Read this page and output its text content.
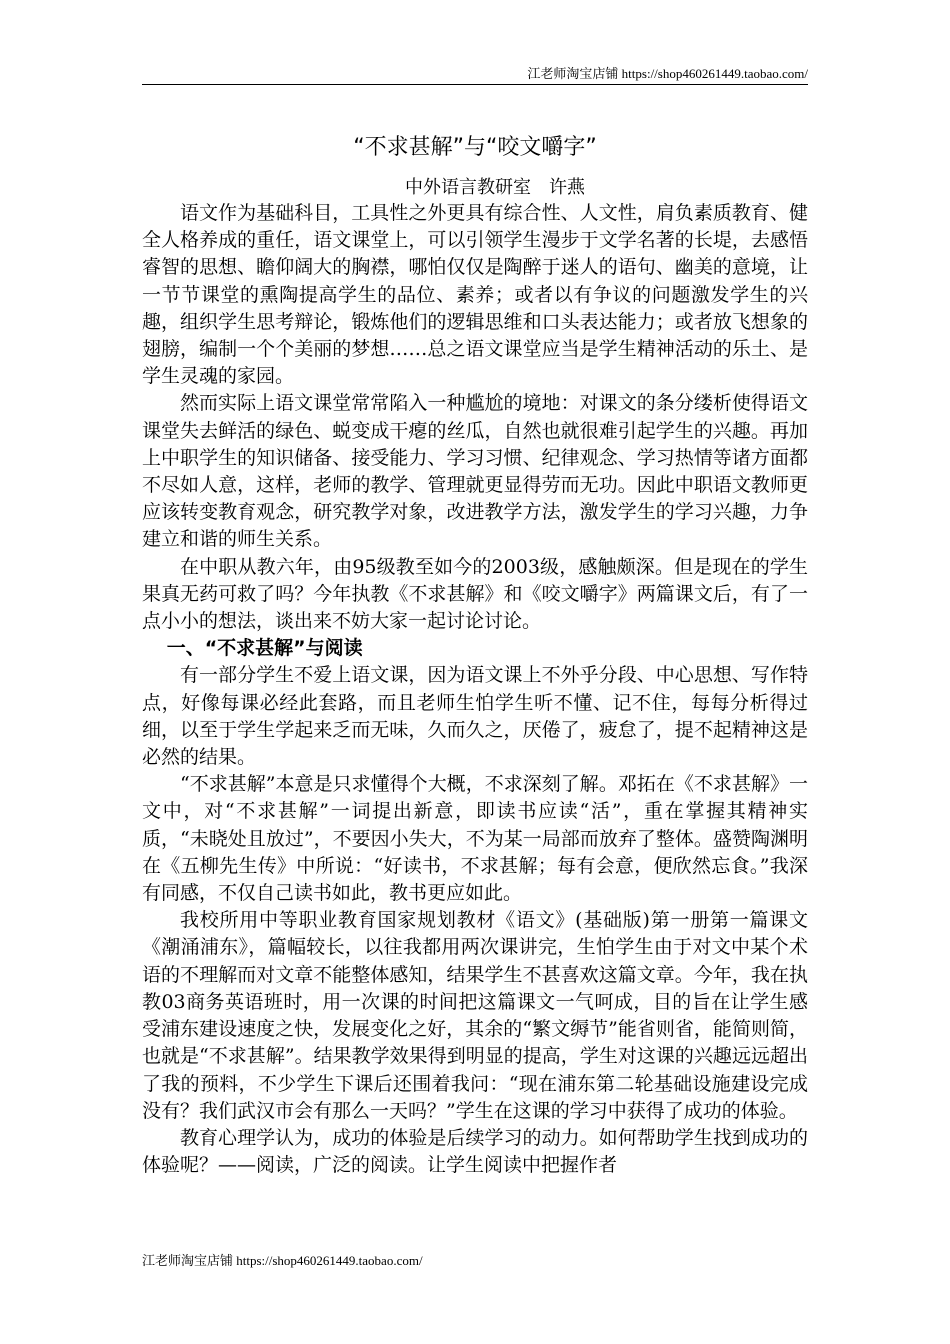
江老师淘宝店铺 https://shop460261449.taobao.com/
“不求甚解”与“咬文嚼字”
中外语言教研室　许燕

语文作为基础科目，工具性之外更具有综合性、人文性，肩负素质教育、健全人格养成的重任，语文课堂上，可以引领学生漫步于文学名著的长堤，去感悟睿智的思想、瞻仰阔大的胸襟，哪怕仅仅是陶醉于迷人的语句、幽美的意境，让一节节课堂的熏陶提高学生的品位、素养；或者以有争议的问题激发学生的兴趣，组织学生思考辩论，锻炼他们的逻辑思维和口头表达能力；或者放飞想象的翅膀，编制一个个美丽的梦想……总之语文课堂应当是学生精神活动的乐土、是学生灵魂的家园。

然而实际上语文课堂常常陷入一种尴尬的境地：对课文的条分缕析使得语文课堂失去鲜活的绿色、蜕变成干瘪的丝瓜，自然也就很难引起学生的兴趣。再加上中职学生的知识储备、接受能力、学习习惯、纪律观念、学习热情等诸方面都不尽如人意，这样，老师的教学、管理就更显得劳而无功。因此中职语文教师更应该转变教育观念，研究教学对象，改进教学方法，激发学生的学习兴趣，力争建立和谐的师生关系。

在中职从教六年，由95级教至如今的2003级，感触颇深。但是现在的学生果真无药可救了吗？今年执教《不求甚解》和《咬文嚼字》两篇课文后，有了一点小小的想法，谈出来不妨大家一起讨论讨论。

一、“不求甚解”与阅读

有一部分学生不爱上语文课，因为语文课上不外乎分段、中心思想、写作特点，好像每课必经此套路，而且老师生怕学生听不懂、记不住，每每分析得过细，以至于学生学起来乏而无味，久而久之，厌倦了，疲怠了，提不起精神这是必然的结果。

“不求甚解”本意是只求懂得个大概，不求深刻了解。邓拓在《不求甚解》一文中，对“不求甚解”一词提出新意，即读书应读“活”，重在掌握其精神实质，“未晓处且放过”，不要因小失大，不为某一局部而放弃了整体。盛赞陶渊明在《五柳先生传》中所说：“好读书，不求甚解；每有会意，便欣然忘食。”我深有同感，不仅自己读书如此，教书更应如此。

我校所用中等职业教育国家规划教材《语文》(基础版)第一册第一篇课文《潮涌浦东》，篇幅较长，以往我都用两次课讲完，生怕学生由于对文中某个术语的不理解而对文章不能整体感知，结果学生不甚喜欢这篇文章。今年，我在执教03商务英语班时，用一次课的时间把这篇课文一气呵成，目的旨在让学生感受浦东建设速度之快，发展变化之好，其余的“繁文缛节”能省则省，能简则简，也就是“不求甚解”。结果教学效果得到明显的提高，学生对这课的兴趣远远超出了我的预料，不少学生下课后还围着我问：“现在浦东第二轮基础设施建设完成没有？我们武汉市会有那么一天吗？”学生在这课的学习中获得了成功的体验。

教育心理学认为，成功的体验是后续学习的动力。如何帮助学生找到成功的体验呢？——阅读，广泛的阅读。让学生阅读中把握作者

江老师淘宝店铺 https://shop460261449.taobao.com/
